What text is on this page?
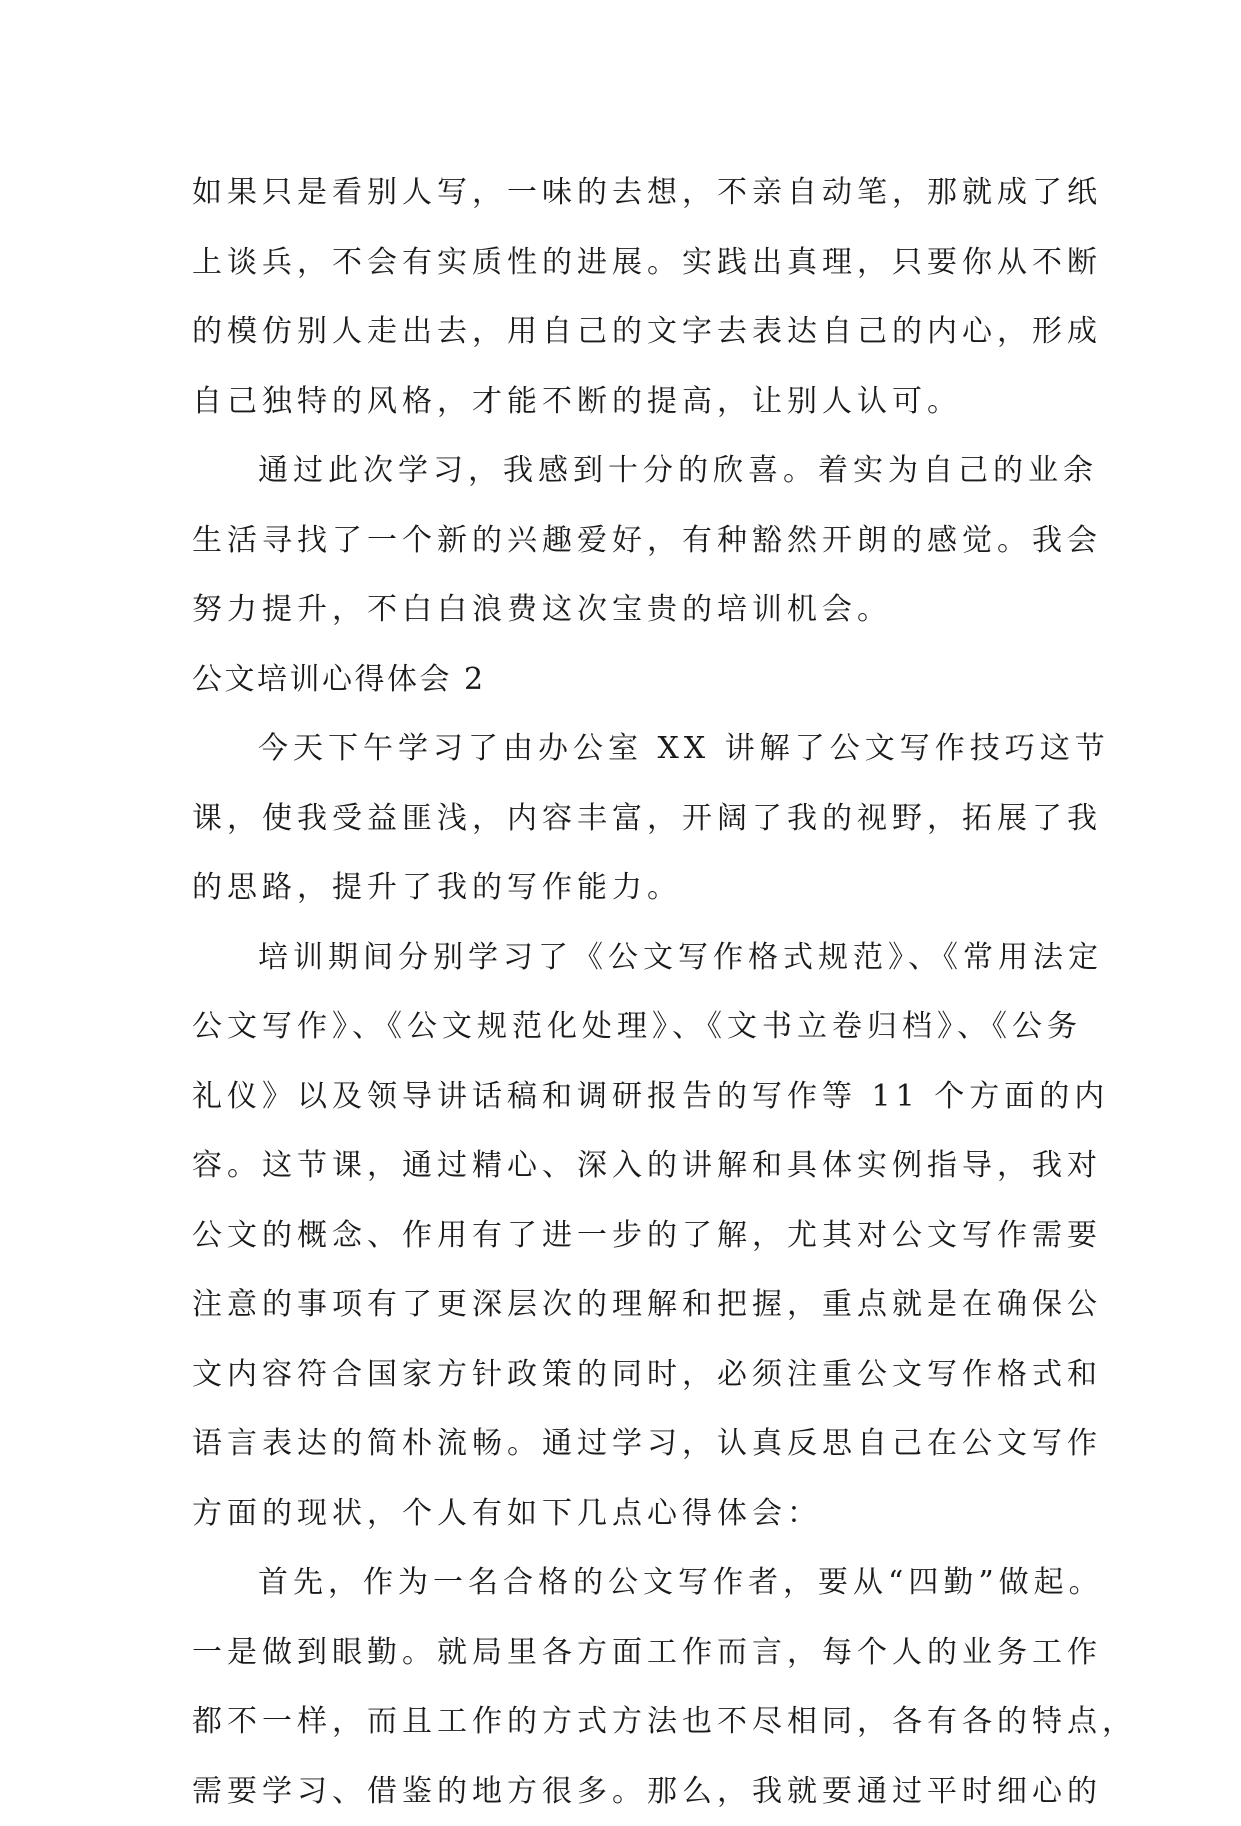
如果只是看别人写，一味的去想，不亲自动笔，那就成了纸
上谈兵，不会有实质性的进展。实践出真理，只要你从不断
的模仿别人走出去，用自己的文字去表达自己的内心，形成
自己独特的风格，才能不断的提高，让别人认可。
通过此次学习，我感到十分的欣喜。着实为自己的业余
生活寻找了一个新的兴趣爱好，有种豁然开朗的感觉。我会
努力提升，不白白浪费这次宝贵的培训机会。
公文培训心得体会 2
今天下午学习了由办公室 XX 讲解了公文写作技巧这节
课，使我受益匪浅，内容丰富，开阔了我的视野，拓展了我
的思路，提升了我的写作能力。
培训期间分别学习了《公文写作格式规范》、《常用法定
公文写作》、《公文规范化处理》、《文书立卷归档》、《公务
礼仪》以及领导讲话稿和调研报告的写作等 11 个方面的内
容。这节课，通过精心、深入的讲解和具体实例指导，我对
公文的概念、作用有了进一步的了解，尤其对公文写作需要
注意的事项有了更深层次的理解和把握，重点就是在确保公
文内容符合国家方针政策的同时，必须注重公文写作格式和
语言表达的简朴流畅。通过学习，认真反思自己在公文写作
方面的现状，个人有如下几点心得体会：
首先，作为一名合格的公文写作者，要从“四勤”做起。
一是做到眼勤。就局里各方面工作而言，每个人的业务工作
都不一样，而且工作的方式方法也不尽相同，各有各的特点，
需要学习、借鉴的地方很多。那么，我就要通过平时细心的
